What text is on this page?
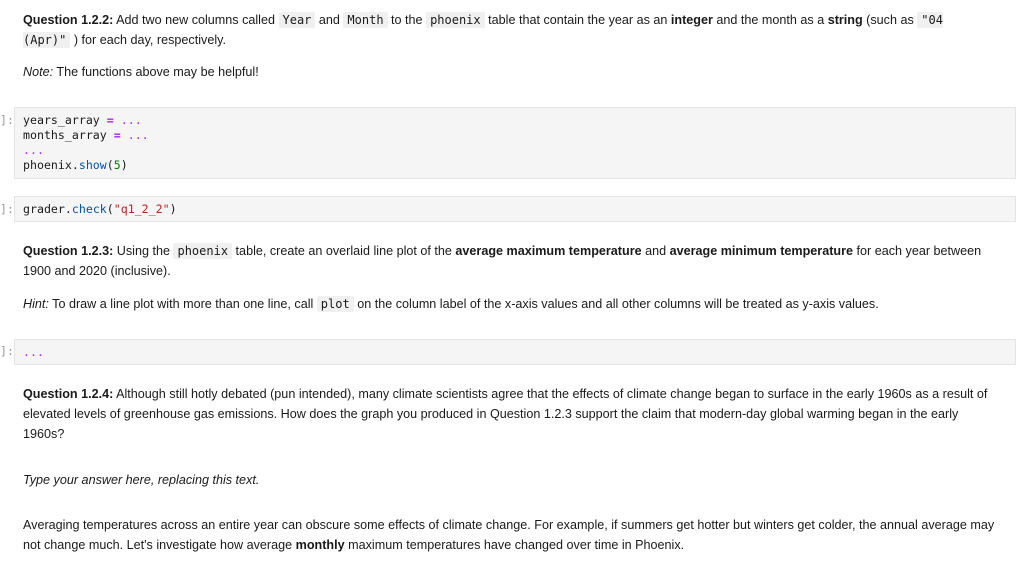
Question 1.2.2: Add two new columns called Year and Month to the phoenix table that contain the year as an integer and the month as a string (such as "04 (Apr)" ) for each day, respectively.

Note: The functions above may be helpful!

]: years_array = ...
months_array = ...
...
phoenix.show(5)
]: grader.check("q1_2_2")

Question 1.2.3: Using the phoenix table, create an overlaid line plot of the average maximum temperature and average minimum temperature for each year between 1900 and 2020 (inclusive).

Hint: To draw a line plot with more than one line, call plot on the column label of the x-axis values and all other columns will be treated as y-axis values.

]: ...

Question 1.2.4: Although still hotly debated (pun intended), many climate scientists agree that the effects of climate change began to surface in the early 1960s as a result of elevated levels of greenhouse gas emissions. How does the graph you produced in Question 1.2.3 support the claim that modern-day global warming began in the early 1960s?

Type your answer here, replacing this text.

Averaging temperatures across an entire year can obscure some effects of climate change. For example, if summers get hotter but winters get colder, the annual average may not change much. Let's investigate how average monthly maximum temperatures have changed over time in Phoenix.
